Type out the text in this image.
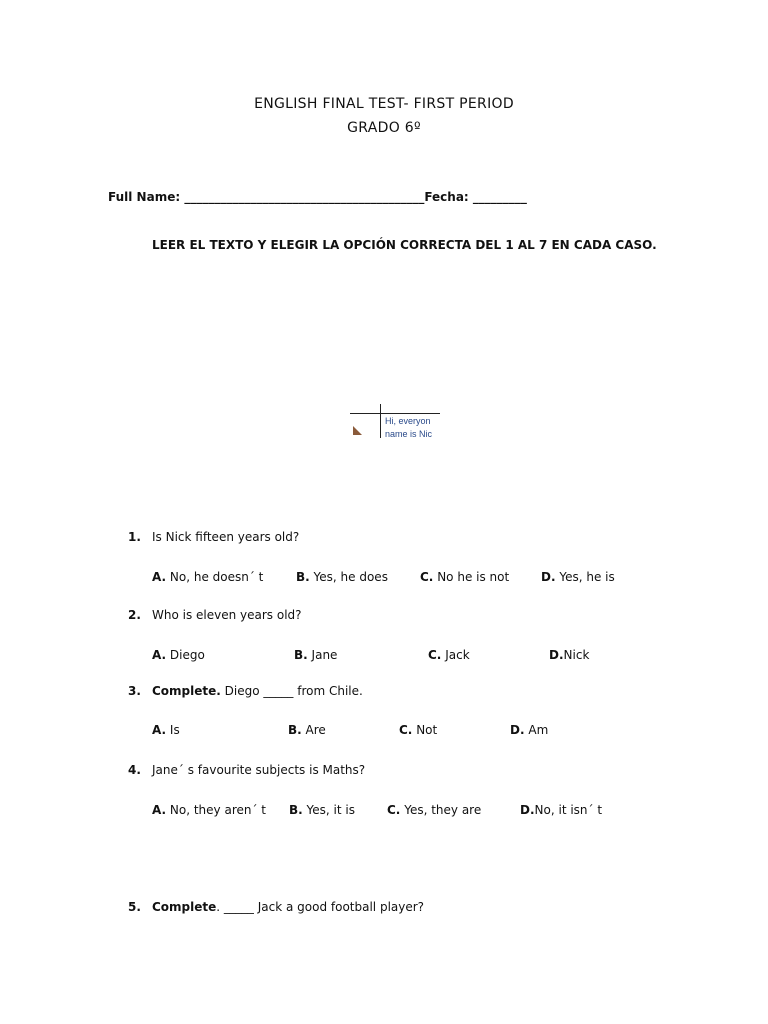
ENGLISH FINAL TEST- FIRST PERIOD
GRADO 6º
Full Name: ________________________________________Fecha: _________
LEER EL TEXTO Y ELEGIR LA OPCIÓN CORRECTA DEL 1 AL 7 EN CADA CASO.
Hi, everyon
name is Nic
1. Is Nick fifteen years old?
A. No, he doesn´ t	B. Yes, he does	C. No he is not	D. Yes, he is
2. Who is eleven years old?
A. Diego	B. Jane	C. Jack	D.Nick
3. Complete. Diego _____ from Chile.
A. Is	B. Are	C. Not	D. Am
4. Jane´ s favourite subjects is Maths?
A. No, they aren´ t B. Yes, it is	C. Yes, they are	D.No, it isn´ t
5. Complete. _____ Jack a good football player?
